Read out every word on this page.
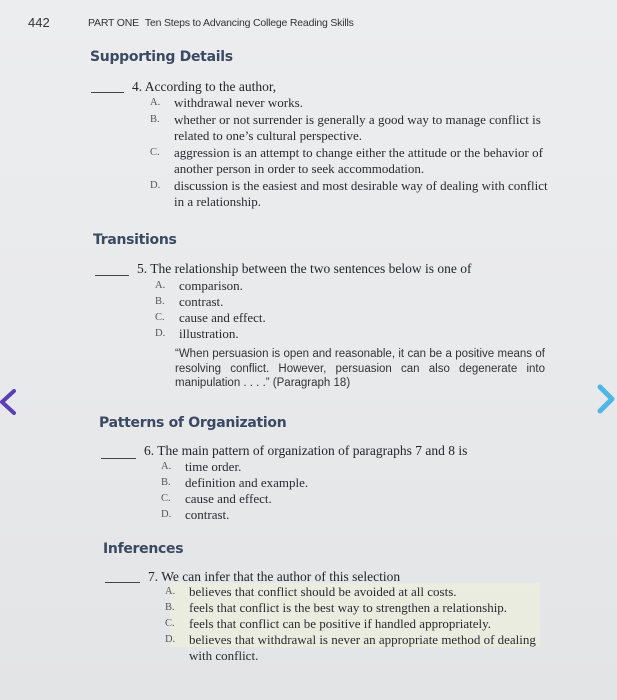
442	PART ONE Ten Steps to Advancing College Reading Skills
Supporting Details
4. According to the author,
A. withdrawal never works.
B. whether or not surrender is generally a good way to manage conflict is related to one’s cultural perspective.
C. aggression is an attempt to change either the attitude or the behavior of another person in order to seek accommodation.
D. discussion is the easiest and most desirable way of dealing with conflict in a relationship.
Transitions
5. The relationship between the two sentences below is one of
A. comparison.
B. contrast.
C. cause and effect.
D. illustration.
“When persuasion is open and reasonable, it can be a positive means of resolving conflict. However, persuasion can also degenerate into manipulation . . . .” (Paragraph 18)
Patterns of Organization
6. The main pattern of organization of paragraphs 7 and 8 is
A. time order.
B. definition and example.
C. cause and effect.
D. contrast.
Inferences
7. We can infer that the author of this selection
A. believes that conflict should be avoided at all costs.
B. feels that conflict is the best way to strengthen a relationship.
C. feels that conflict can be positive if handled appropriately.
D. believes that withdrawal is never an appropriate method of dealing with conflict.
